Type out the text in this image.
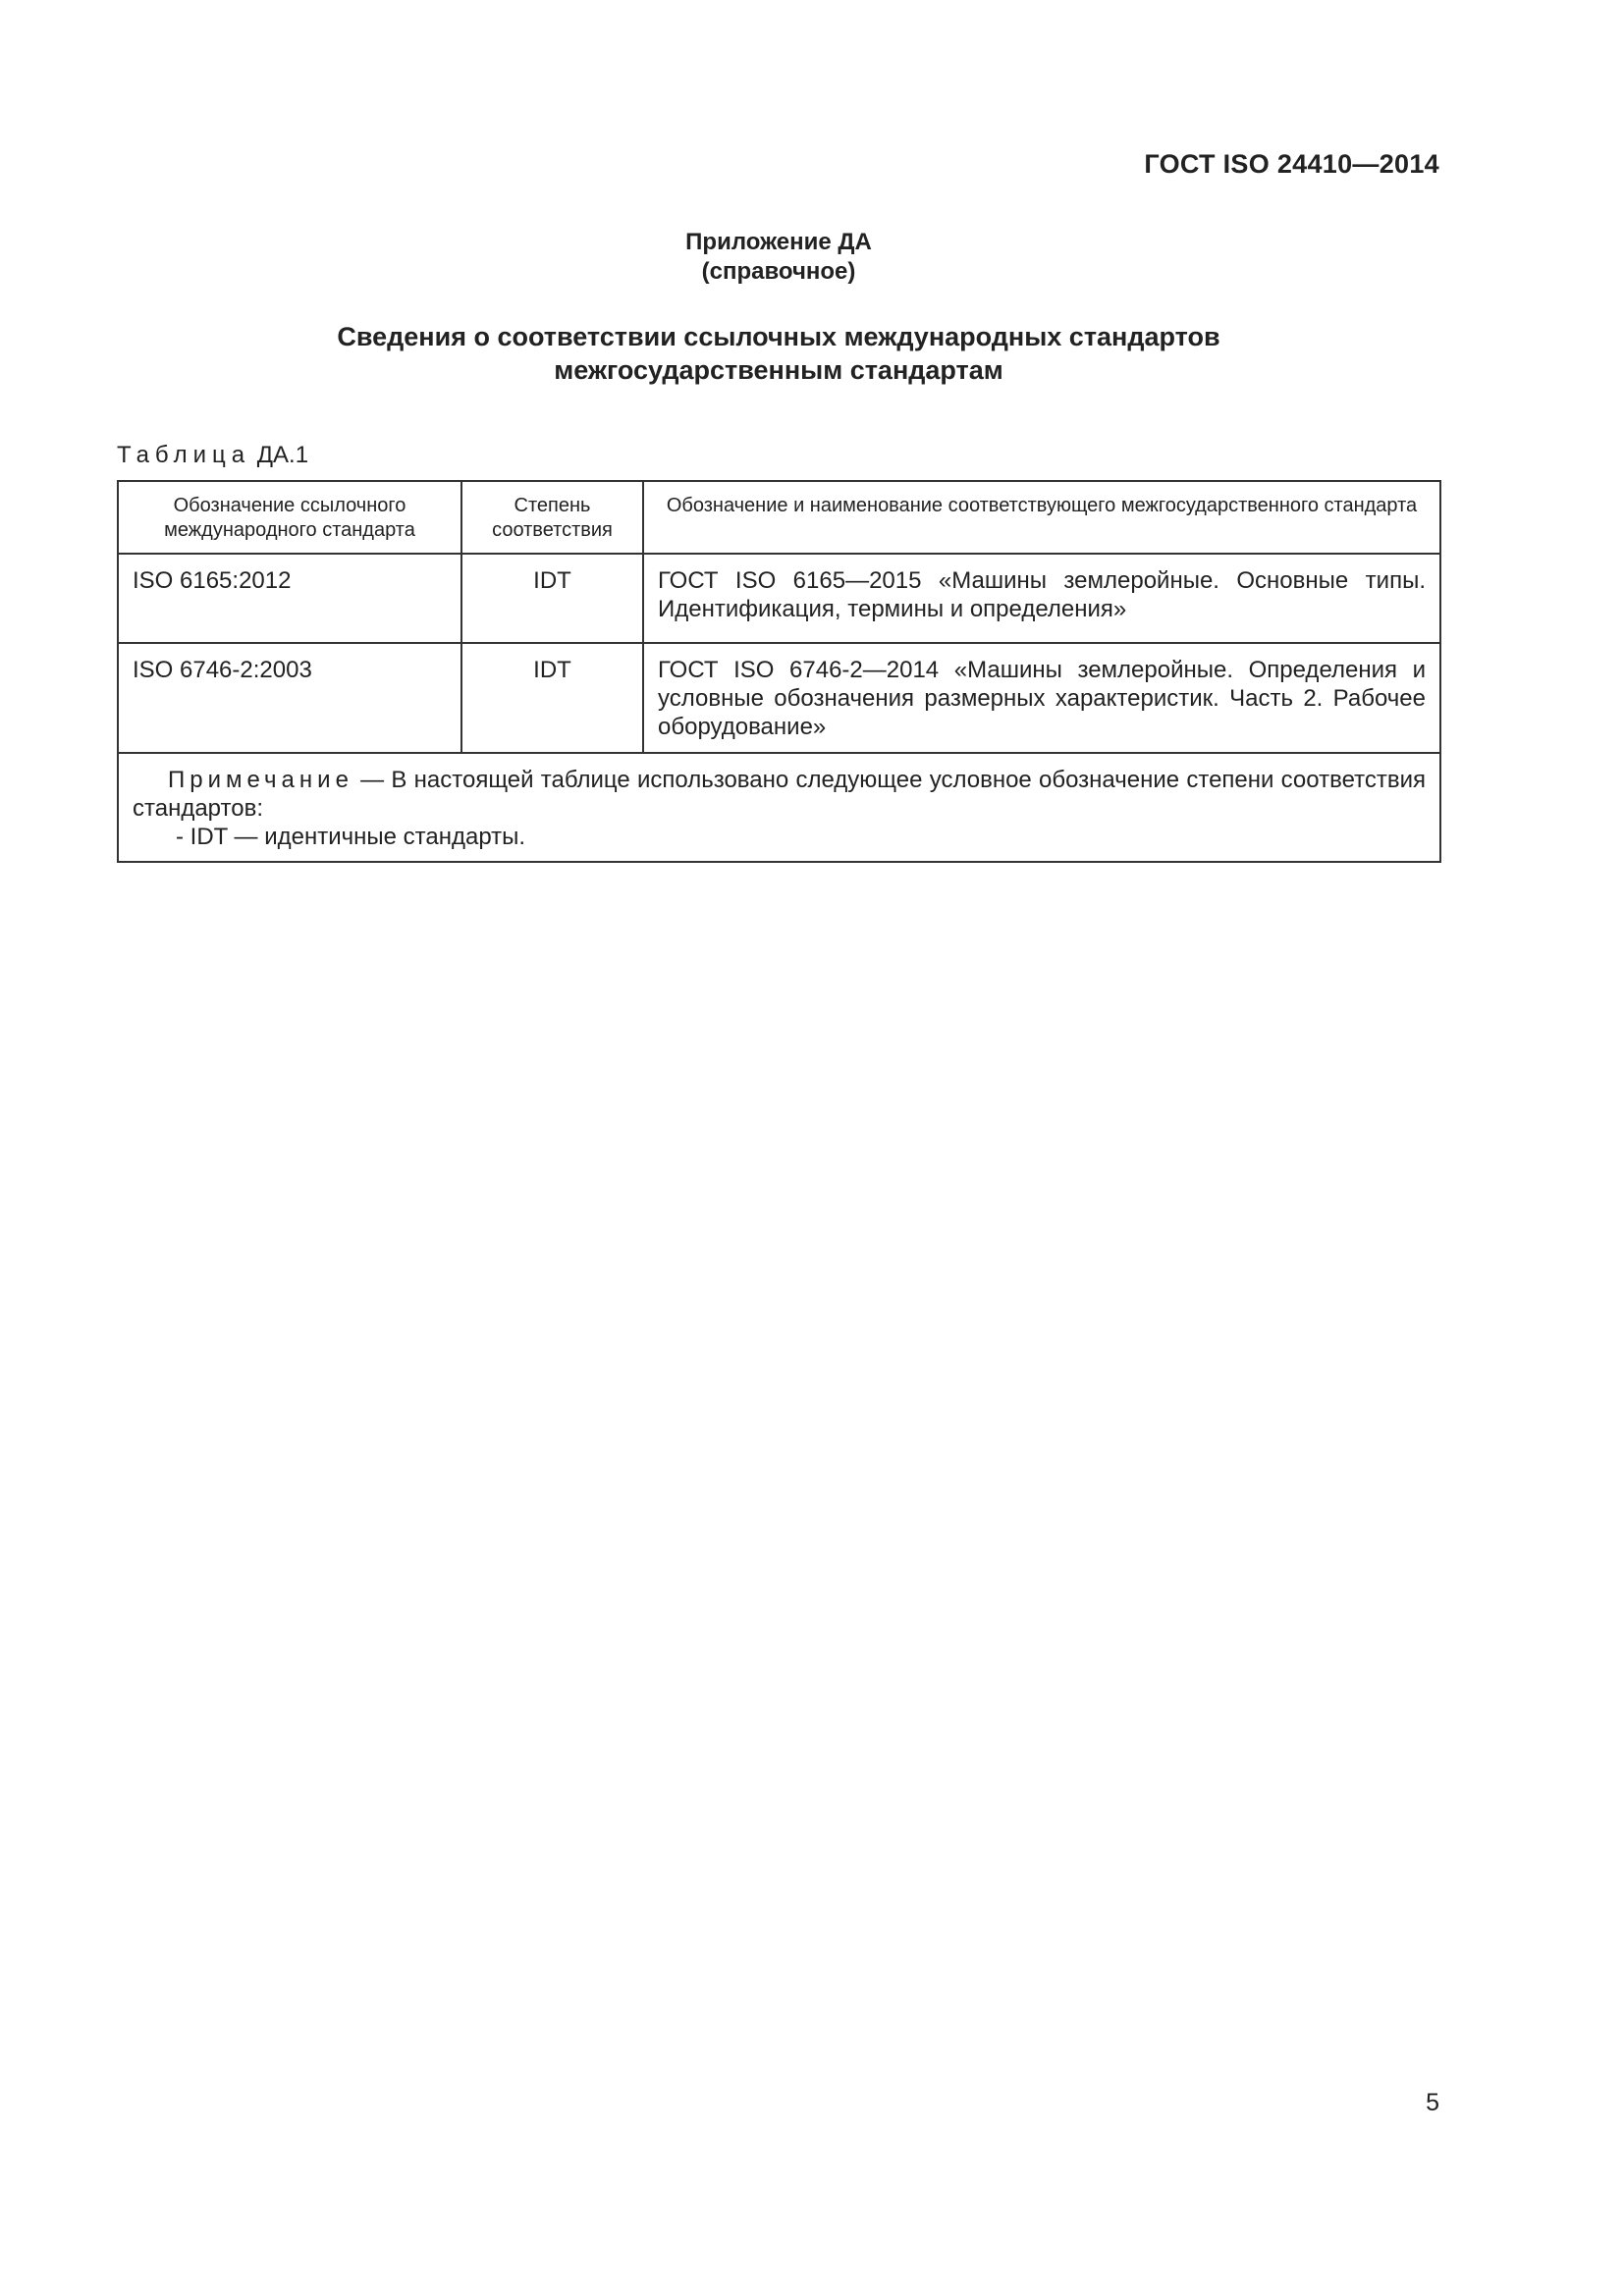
ГОСТ ISO 24410—2014
Приложение ДА
(справочное)
Сведения о соответствии ссылочных международных стандартов
межгосударственным стандартам
Таблица ДА.1
Обозначение ссылочного международного стандарта	Степень соответствия	Обозначение и наименование соответствующего межгосударственного стандарта
ISO 6165:2012	IDT	ГОСТ ISO 6165—2015 «Машины землеройные. Основные типы. Идентификация, термины и определения»
ISO 6746-2:2003	IDT	ГОСТ ISO 6746-2—2014 «Машины землеройные. Определения и условные обозначения размерных характеристик. Часть 2. Рабочее оборудование»

Примечание — В настоящей таблице использовано следующее условное обозначение степени соответствия стандартов:
- IDT — идентичные стандарты.		
5
